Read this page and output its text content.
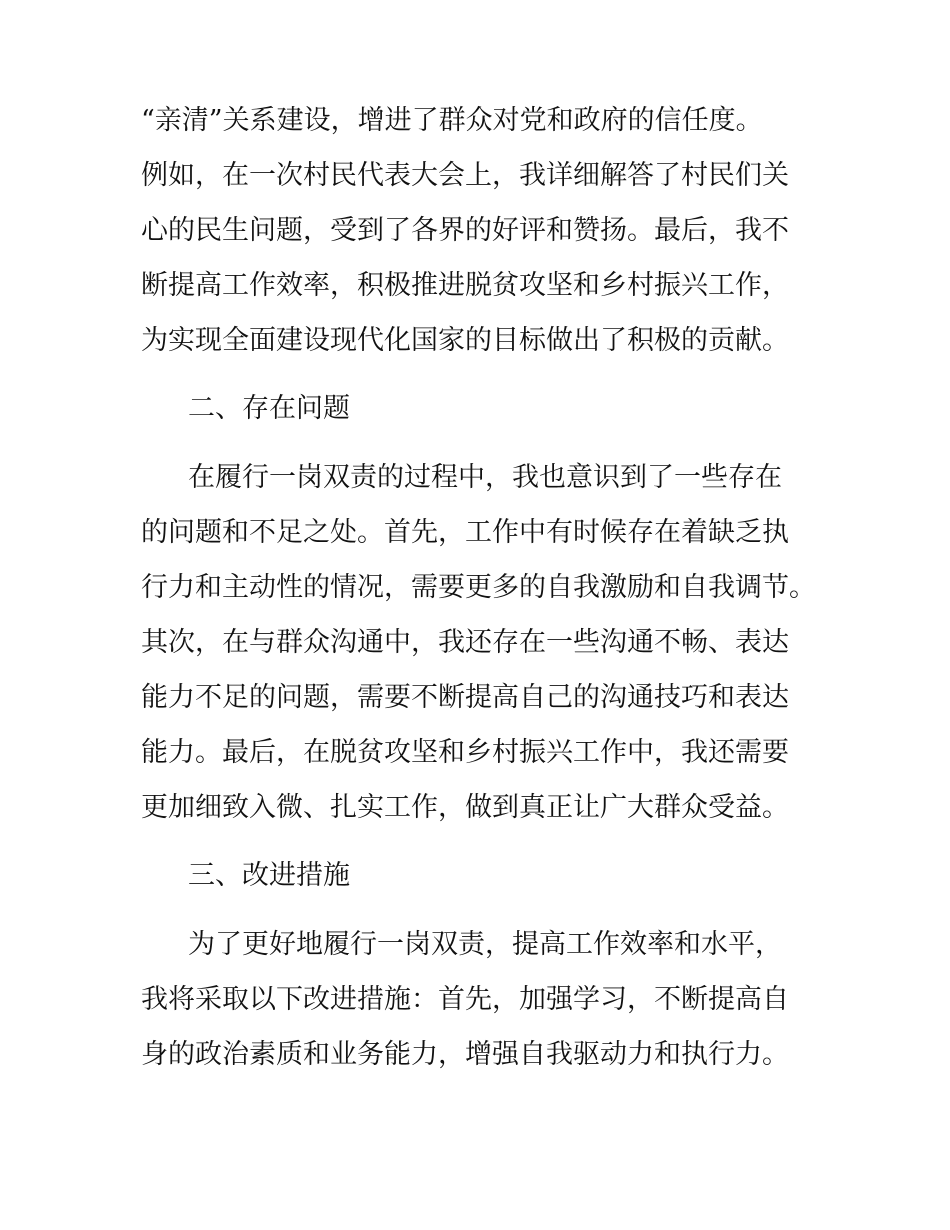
“亲清”关系建设，增进了群众对党和政府的信任度。
例如，在一次村民代表大会上，我详细解答了村民们关
心的民生问题，受到了各界的好评和赞扬。最后，我不
断提高工作效率，积极推进脱贫攻坚和乡村振兴工作，
为实现全面建设现代化国家的目标做出了积极的贡献。
二、存在问题
在履行一岗双责的过程中，我也意识到了一些存在
的问题和不足之处。首先，工作中有时候存在着缺乏执
行力和主动性的情况，需要更多的自我激励和自我调节。
其次，在与群众沟通中，我还存在一些沟通不畅、表达
能力不足的问题，需要不断提高自己的沟通技巧和表达
能力。最后，在脱贫攻坚和乡村振兴工作中，我还需要
更加细致入微、扎实工作，做到真正让广大群众受益。
三、改进措施
为了更好地履行一岗双责，提高工作效率和水平，
我将采取以下改进措施：首先，加强学习，不断提高自
身的政治素质和业务能力，增强自我驱动力和执行力。
